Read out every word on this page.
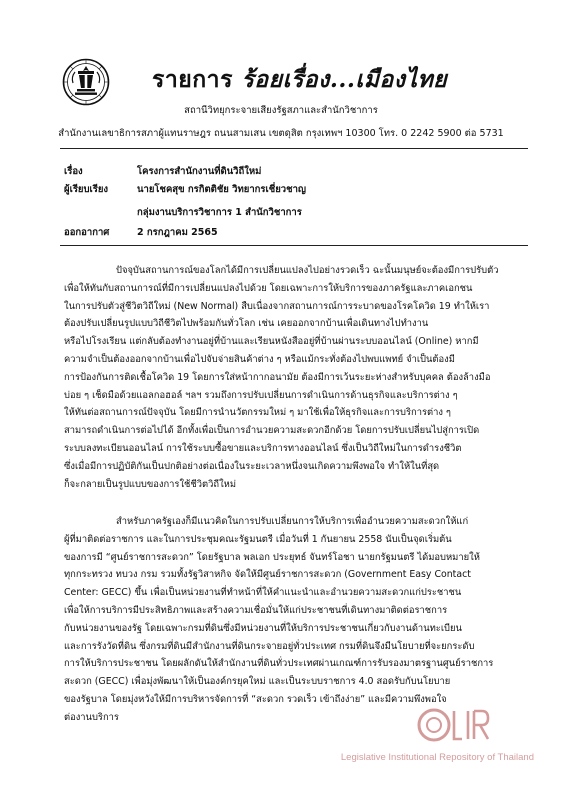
รายการ ร้อยเรื่อง...เมืองไทย
สถานีวิทยุกระจายเสียงรัฐสภาและสำนักวิชาการ
สำนักงานเลขาธิการสภาผู้แทนราษฎร ถนนสามเสน เขตดุสิต กรุงเทพฯ 10300 โทร. 0 2242 5900 ต่อ 5731
เรื่อง	โครงการสำนักงานที่ดินวิถีใหม่
ผู้เรียบเรียง	นายโชคสุข กรกิตติชัย วิทยากรเชี่ยวชาญ
กลุ่มงานบริการวิชาการ 1 สำนักวิชาการ
ออกอากาศ	2 กรกฎาคม 2565
ปัจจุบันสถานการณ์ของโลกได้มีการเปลี่ยนแปลงไปอย่างรวดเร็ว ฉะนั้นมนุษย์จะต้องมีการปรับตัว
เพื่อให้ทันกับสถานการณ์ที่มีการเปลี่ยนแปลงไปด้วย โดยเฉพาะการให้บริการของภาครัฐและภาคเอกชน
ในการปรับตัวสู่ชีวิตวิถีใหม่ (New Normal) สืบเนื่องจากสถานการณ์การระบาดของโรคโควิด 19 ทำให้เรา
ต้องปรับเปลี่ยนรูปแบบวิถีชีวิตไปพร้อมกันทั่วโลก เช่น เคยออกจากบ้านเพื่อเดินทางไปทำงาน
หรือไปโรงเรียน แต่กลับต้องทำงานอยู่ที่บ้านและเรียนหนังสืออยู่ที่บ้านผ่านระบบออนไลน์ (Online) หากมี
ความจำเป็นต้องออกจากบ้านเพื่อไปจับจ่ายสินค้าต่าง ๆ หรือแม้กระทั่งต้องไปพบแพทย์ จำเป็นต้องมี
การป้องกันการติดเชื้อโควิด 19 โดยการใส่หน้ากากอนามัย ต้องมีการเว้นระยะห่างสำหรับบุคคล ต้องล้างมือ
บ่อย ๆ เช็ดมือด้วยแอลกอฮอล์ ฯลฯ รวมถึงการปรับเปลี่ยนการดำเนินการด้านธุรกิจและบริการต่าง ๆ
ให้ทันต่อสถานการณ์ปัจจุบัน โดยมีการนำนวัตกรรมใหม่ ๆ มาใช้เพื่อให้ธุรกิจและการบริการต่าง ๆ
สามารถดำเนินการต่อไปได้ อีกทั้งเพื่อเป็นการอำนวยความสะดวกอีกด้วย โดยการปรับเปลี่ยนไปสู่การเปิด
ระบบลงทะเบียนออนไลน์ การใช้ระบบซื้อขายและบริการทางออนไลน์ ซึ่งเป็นวิถีใหม่ในการดำรงชีวิต
ซึ่งเมื่อมีการปฏิบัติกันเป็นปกติอย่างต่อเนื่องในระยะเวลาหนึ่งจนเกิดความพึงพอใจ ทำให้ในที่สุด
ก็จะกลายเป็นรูปแบบของการใช้ชีวิตวิถีใหม่
สำหรับภาครัฐเองก็มีแนวคิดในการปรับเปลี่ยนการให้บริการเพื่ออำนวยความสะดวกให้แก่
ผู้ที่มาติดต่อราชการ และในการประชุมคณะรัฐมนตรี เมื่อวันที่ 1 กันยายน 2558 นับเป็นจุดเริ่มต้น
ของการมี “ศูนย์ราชการสะดวก” โดยรัฐบาล พลเอก ประยุทธ์ จันทร์โอชา นายกรัฐมนตรี ได้มอบหมายให้
ทุกกระทรวง ทบวง กรม รวมทั้งรัฐวิสาหกิจ จัดให้มีศูนย์ราชการสะดวก (Government Easy Contact
Center: GECC) ขึ้น เพื่อเป็นหน่วยงานที่ทำหน้าที่ให้คำแนะนำและอำนวยความสะดวกแก่ประชาชน
เพื่อให้การบริการมีประสิทธิภาพและสร้างความเชื่อมั่นให้แก่ประชาชนที่เดินทางมาติดต่อราชการ
กับหน่วยงานของรัฐ โดยเฉพาะกรมที่ดินซึ่งมีหน่วยงานที่ให้บริการประชาชนเกี่ยวกับงานด้านทะเบียน
และการรังวัดที่ดิน ซึ่งกรมที่ดินมีสำนักงานที่ดินกระจายอยู่ทั่วประเทศ กรมที่ดินจึงมีนโยบายที่จะยกระดับ
การให้บริการประชาชน โดยผลักดันให้สำนักงานที่ดินทั่วประเทศผ่านเกณฑ์การรับรองมาตรฐานศูนย์ราชการ
สะดวก (GECC) เพื่อมุ่งพัฒนาให้เป็นองค์กรยุคใหม่ และเป็นระบบราชการ 4.0 สอดรับกับนโยบาย
ของรัฐบาล โดยมุ่งหวังให้มีการบริหารจัดการที่ “สะดวก รวดเร็ว เข้าถึงง่าย” และมีความพึงพอใจ
ต่องานบริการ
Legislative Institutional Repository of Thailand
